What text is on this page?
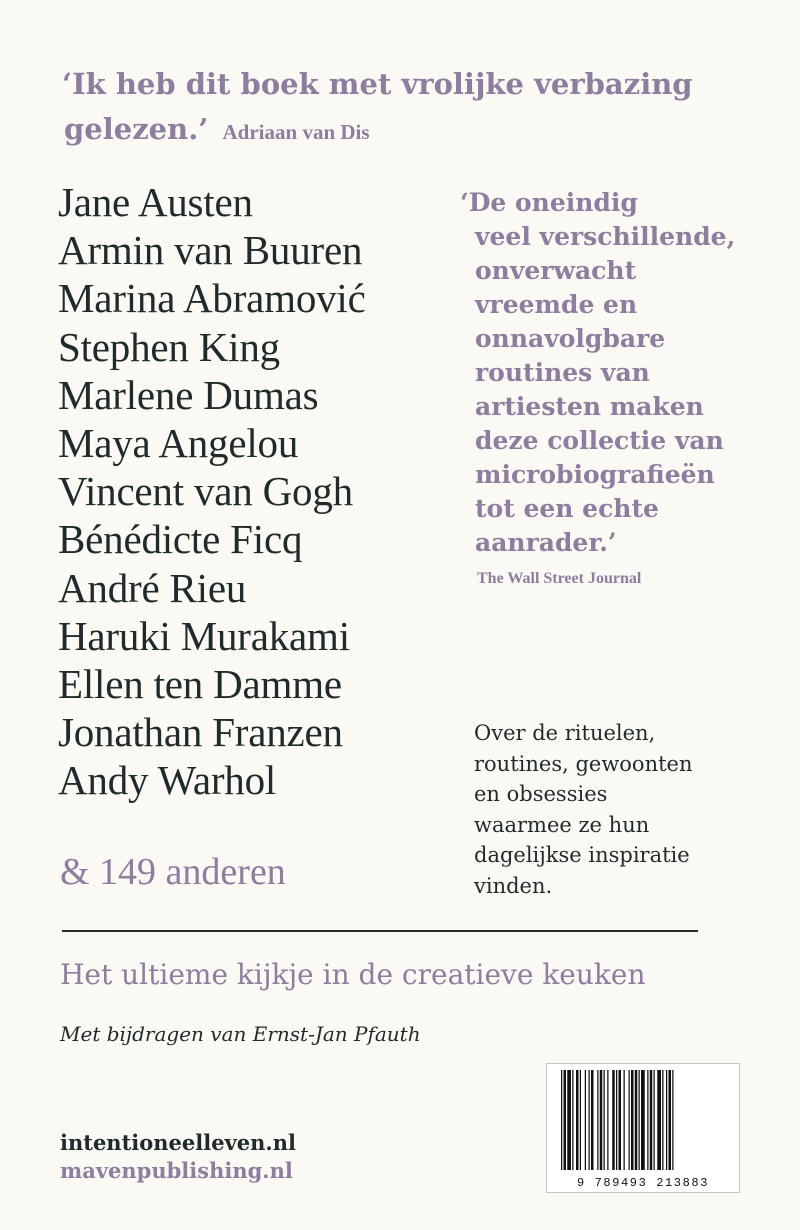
‘Ik heb dit boek met vrolijke verbazing
gelezen.’ Adriaan van Dis
Jane Austen
Armin van Buuren
Marina Abramović
Stephen King
Marlene Dumas
Maya Angelou
Vincent van Gogh
Bénédicte Ficq
André Rieu
Haruki Murakami
Ellen ten Damme
Jonathan Franzen
Andy Warhol
& 149 anderen
‘De oneindig
veel verschillende,
onverwacht
vreemde en
onnavolgbare
routines van
artiesten maken
deze collectie van
microbiografieën
tot een echte
aanrader.’
The Wall Street Journal
Over de rituelen,
routines, gewoonten
en obsessies
waarmee ze hun
dagelijkse inspiratie
vinden.
Het ultieme kijkje in de creatieve keuken
Met bijdragen van Ernst-Jan Pfauth
intentioneelleven.nl
mavenpublishing.nl	9 789493 213883
